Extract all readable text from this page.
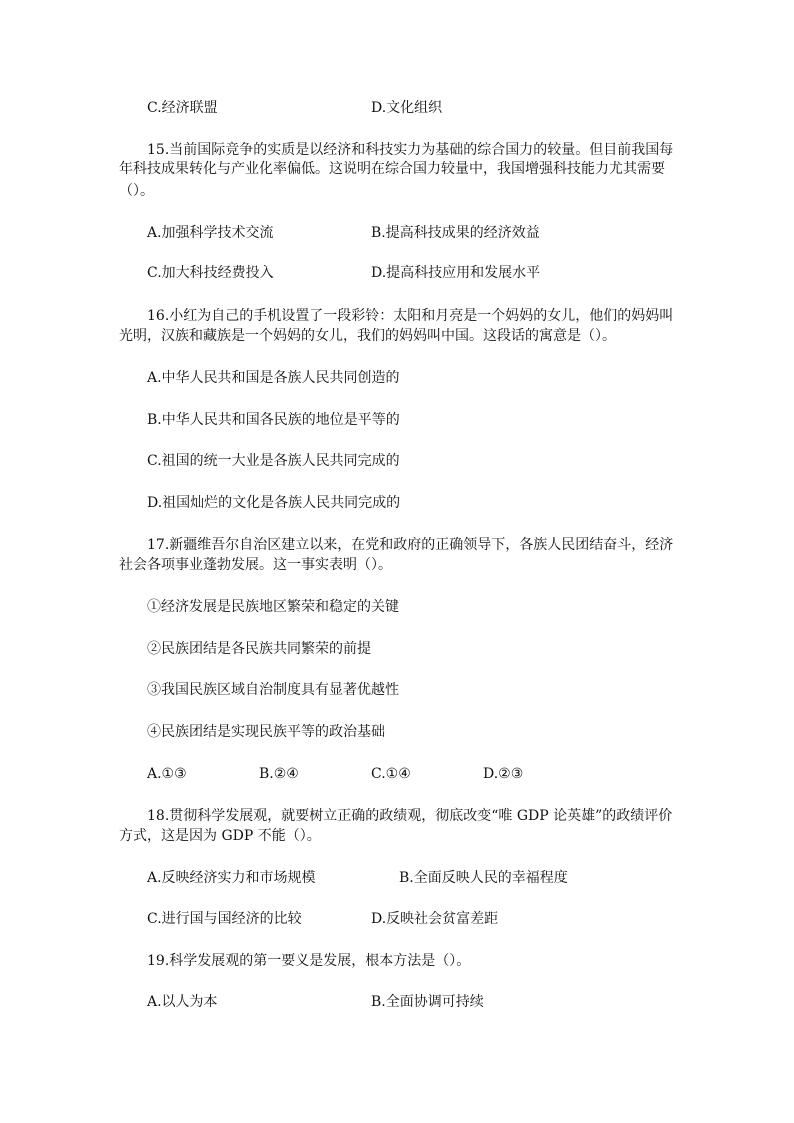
C.经济联盟	D.文化组织
15.当前国际竞争的实质是以经济和科技实力为基础的综合国力的较量。但目前我国每
年科技成果转化与产业化率偏低。这说明在综合国力较量中，我国增强科技能力尤其需要
（）。
A.加强科学技术交流	B.提高科技成果的经济效益
C.加大科技经费投入	D.提高科技应用和发展水平
16.小红为自己的手机设置了一段彩铃：太阳和月亮是一个妈妈的女儿，他们的妈妈叫
光明，汉族和藏族是一个妈妈的女儿，我们的妈妈叫中国。这段话的寓意是（）。
A.中华人民共和国是各族人民共同创造的
B.中华人民共和国各民族的地位是平等的
C.祖国的统一大业是各族人民共同完成的
D.祖国灿烂的文化是各族人民共同完成的
17.新疆维吾尔自治区建立以来，在党和政府的正确领导下，各族人民团结奋斗，经济
社会各项事业蓬勃发展。这一事实表明（）。
①经济发展是民族地区繁荣和稳定的关键
②民族团结是各民族共同繁荣的前提
③我国民族区域自治制度具有显著优越性
④民族团结是实现民族平等的政治基础
A.①③	B.②④	C.①④	D.②③
18.贯彻科学发展观，就要树立正确的政绩观，彻底改变“唯 GDP 论英雄”的政绩评价
方式，这是因为 GDP 不能（）。
A.反映经济实力和市场规模	B.全面反映人民的幸福程度
C.进行国与国经济的比较	D.反映社会贫富差距
19.科学发展观的第一要义是发展，根本方法是（）。
A.以人为本	B.全面协调可持续
